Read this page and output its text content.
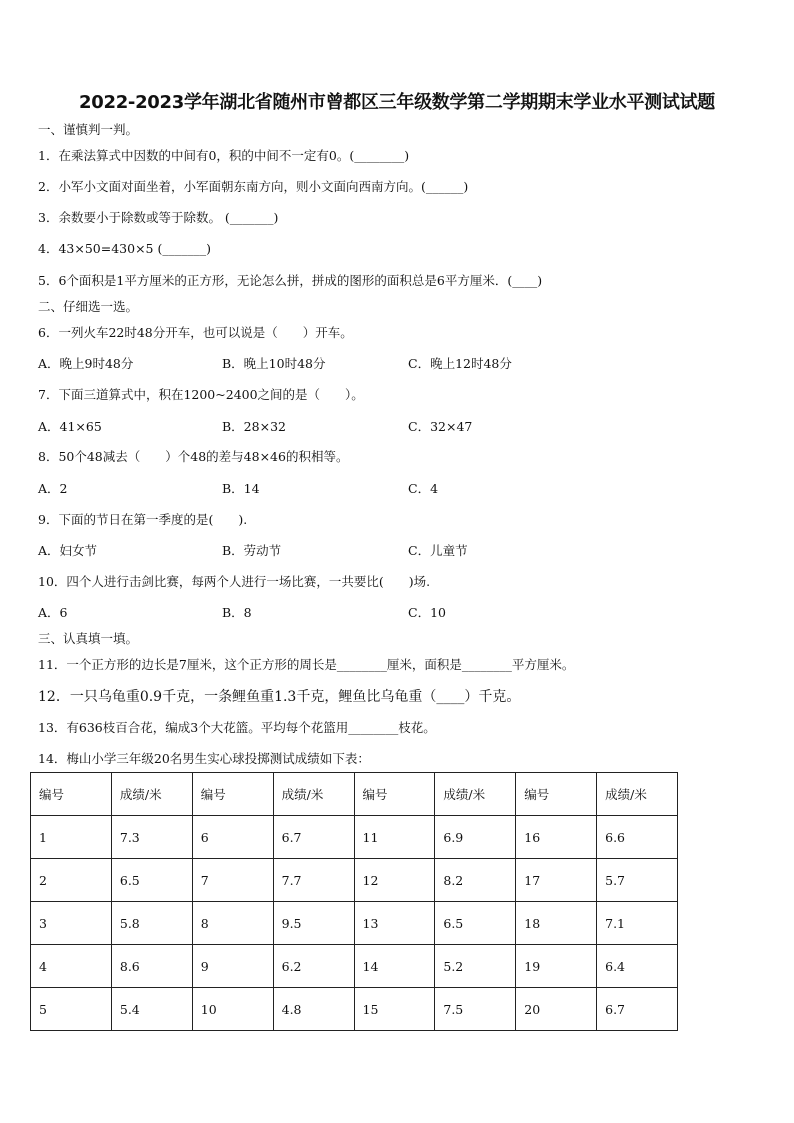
2022-2023学年湖北省随州市曾都区三年级数学第二学期期末学业水平测试试题
一、谨慎判一判。
1．在乘法算式中因数的中间有0，积的中间不一定有0。(________)
2．小军小文面对面坐着，小军面朝东南方向，则小文面向西南方向。(______)
3．余数要小于除数或等于除数。 (_______)
4．43×50=430×5 (_______)
5．6个面积是1平方厘米的正方形，无论怎么拼，拼成的图形的面积总是6平方厘米．(____)
二、仔细选一选。
6．一列火车22时48分开车，也可以说是（　　）开车。
A．晚上9时48分	B．晚上10时48分	C．晚上12时48分
7．下面三道算式中，积在1200~2400之间的是（　　）。
A．41×65	B．28×32	C．32×47
8．50个48减去（　　）个48的差与48×46的积相等。
A．2	B．14	C．4
9．下面的节日在第一季度的是(　　).
A．妇女节	B．劳动节	C．儿童节
10．四个人进行击剑比赛，每两个人进行一场比赛，一共要比(　　)场.
A．6	B．8	C．10
三、认真填一填。
11．一个正方形的边长是7厘米，这个正方形的周长是________厘米，面积是________平方厘米。
12．一只乌龟重0.9千克，一条鲤鱼重1.3千克，鲤鱼比乌龟重（____）千克。
13．有636枝百合花，编成3个大花篮。平均每个花篮用________枝花。
14．梅山小学三年级20名男生实心球投掷测试成绩如下表：
编号	成绩/米	编号	成绩/米	编号	成绩/米	编号	成绩/米
1	7.3	6	6.7	11	6.9	16	6.6
2	6.5	7	7.7	12	8.2	17	5.7
3	5.8	8	9.5	13	6.5	18	7.1
4	8.6	9	6.2	14	5.2	19	6.4
5	5.4	10	4.8	15	7.5	20	6.7
